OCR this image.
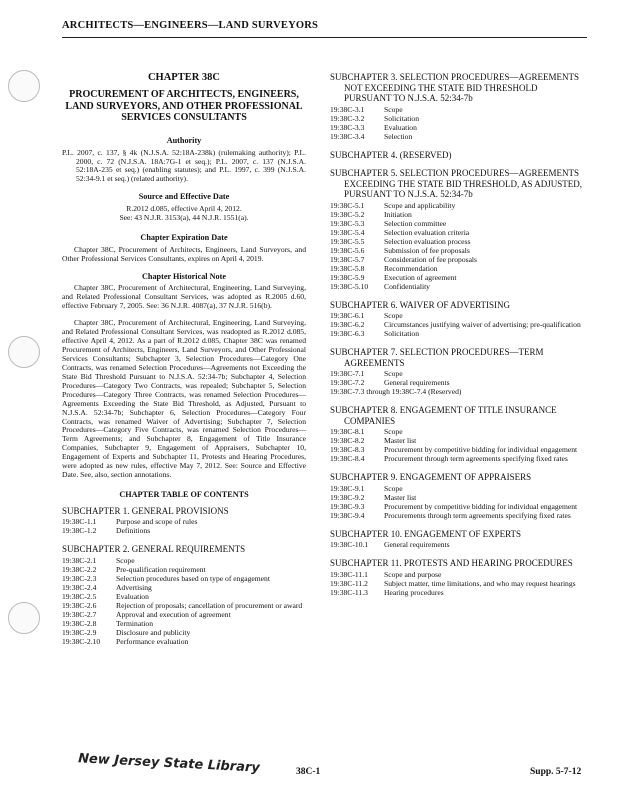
ARCHITECTS—ENGINEERS—LAND SURVEYORS
CHAPTER 38C
PROCUREMENT OF ARCHITECTS, ENGINEERS, LAND SURVEYORS, AND OTHER PROFESSIONAL SERVICES CONSULTANTS
Authority
P.L. 2007, c. 137, § 4k (N.J.S.A. 52:18A-238k) (rulemaking authority); P.L. 2000, c. 72 (N.J.S.A. 18A:7G-1 et seq.); P.L. 2007, c. 137 (N.J.S.A. 52:18A-235 et seq.) (enabling statutes); and P.L. 1997, c. 399 (N.J.S.A. 52:34-9.1 et seq.) (related authority).
Source and Effective Date
R.2012 d.085, effective April 4, 2012.
See: 43 N.J.R. 3153(a), 44 N.J.R. 1551(a).
Chapter Expiration Date
Chapter 38C, Procurement of Architects, Engineers, Land Surveyors, and Other Professional Services Consultants, expires on April 4, 2019.
Chapter Historical Note
Chapter 38C, Procurement of Architectural, Engineering, Land Surveying, and Related Professional Consultant Services, was adopted as R.2005 d.60, effective February 7, 2005. See: 36 N.J.R. 4087(a), 37 N.J.R. 516(b).
Chapter 38C, Procurement of Architectural, Engineering, Land Surveying, and Related Professional Consultant Services, was readopted as R.2012 d.085, effective April 4, 2012. As a part of R.2012 d.085, Chapter 38C was renamed Procurement of Architects, Engineers, Land Surveyors, and Other Professional Services Consultants; Subchapter 3, Selection Procedures—Category One Contracts, was renamed Selection Procedures—Agreements not Exceeding the State Bid Threshold Pursuant to N.J.S.A. 52:34-7b; Subchapter 4, Selection Procedures—Category Two Contracts, was repealed; Subchapter 5, Selection Procedures—Category Three Contracts, was renamed Selection Procedures—Agreements Exceeding the State Bid Threshold, as Adjusted, Pursuant to N.J.S.A. 52:34-7b; Subchapter 6, Selection Procedures—Category Four Contracts, was renamed Waiver of Advertising; Subchapter 7, Selection Procedures—Category Five Contracts, was renamed Selection Procedures—Term Agreements; and Subchapter 8, Engagement of Title Insurance Companies, Subchapter 9, Engagement of Appraisers, Subchapter 10, Engagement of Experts and Subchapter 11, Protests and Hearing Procedures, were adopted as new rules, effective May 7, 2012. See: Source and Effective Date. See, also, section annotations.
CHAPTER TABLE OF CONTENTS
SUBCHAPTER 1. GENERAL PROVISIONS
19:38C-1.1	Purpose and scope of rules
19:38C-1.2	Definitions
SUBCHAPTER 2. GENERAL REQUIREMENTS
19:38C-2.1	Scope
19:38C-2.2	Pre-qualification requirement
19:38C-2.3	Selection procedures based on type of engagement
19:38C-2.4	Advertising
19:38C-2.5	Evaluation
19:38C-2.6	Rejection of proposals; cancellation of procurement or award
19:38C-2.7	Approval and execution of agreement
19:38C-2.8	Termination
19:38C-2.9	Disclosure and publicity
19:38C-2.10	Performance evaluation
SUBCHAPTER 3. SELECTION PROCEDURES—AGREEMENTS NOT EXCEEDING THE STATE BID THRESHOLD PURSUANT TO N.J.S.A. 52:34-7b
19:38C-3.1	Scope
19:38C-3.2	Solicitation
19:38C-3.3	Evaluation
19:38C-3.4	Selection
SUBCHAPTER 4. (RESERVED)
SUBCHAPTER 5. SELECTION PROCEDURES—AGREEMENTS EXCEEDING THE STATE BID THRESHOLD, AS ADJUSTED, PURSUANT TO N.J.S.A. 52:34-7b
19:38C-5.1	Scope and applicability
19:38C-5.2	Initiation
19:38C-5.3	Selection committee
19:38C-5.4	Selection evaluation criteria
19:38C-5.5	Selection evaluation process
19:38C-5.6	Submission of fee proposals
19:38C-5.7	Consideration of fee proposals
19:38C-5.8	Recommendation
19:38C-5.9	Execution of agreement
19:38C-5.10	Confidentiality
SUBCHAPTER 6. WAIVER OF ADVERTISING
19:38C-6.1	Scope
19:38C-6.2	Circumstances justifying waiver of advertising; pre-qualification
19:38C-6.3	Solicitation
SUBCHAPTER 7. SELECTION PROCEDURES—TERM AGREEMENTS
19:38C-7.1	Scope
19:38C-7.2	General requirements
19:38C-7.3 through 19:38C-7.4 (Reserved)
SUBCHAPTER 8. ENGAGEMENT OF TITLE INSURANCE COMPANIES
19:38C-8.1	Scope
19:38C-8.2	Master list
19:38C-8.3	Procurement by competitive bidding for individual engagement
19:38C-8.4	Procurement through term agreements specifying fixed rates
SUBCHAPTER 9. ENGAGEMENT OF APPRAISERS
19:38C-9.1	Scope
19:38C-9.2	Master list
19:38C-9.3	Procurement by competitive bidding for individual engagement
19:38C-9.4	Procurements through term agreements specifying fixed rates
SUBCHAPTER 10. ENGAGEMENT OF EXPERTS
19:38C-10.1	General requirements
SUBCHAPTER 11. PROTESTS AND HEARING PROCEDURES
19:38C-11.1	Scope and purpose
19:38C-11.2	Subject matter, time limitations, and who may request hearings
19:38C-11.3	Hearing procedures
New Jersey State Library	38C-1	Supp. 5-7-12
